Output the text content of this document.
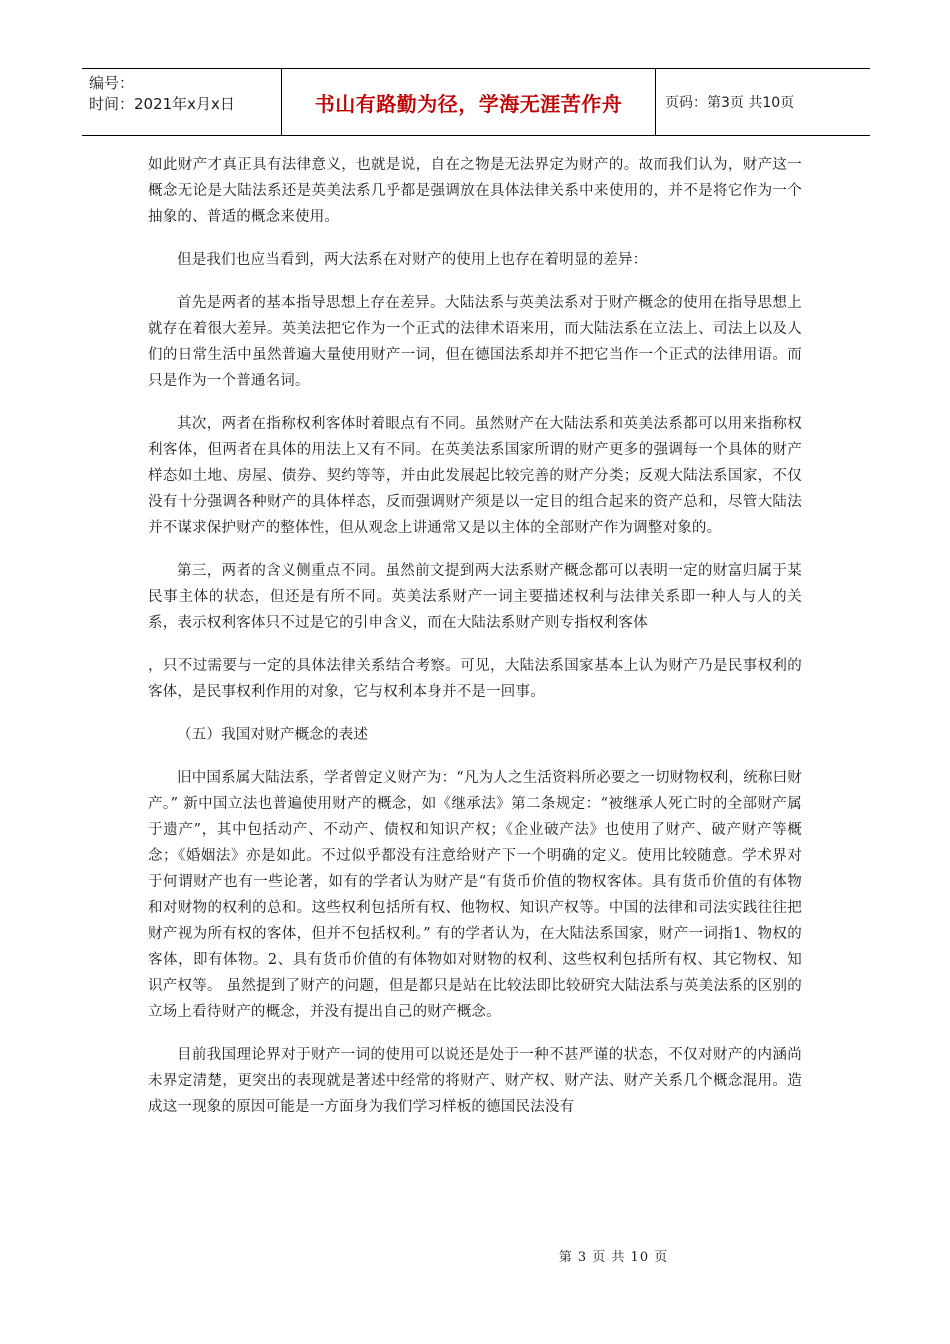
编号：
时间：2021年x月x日	书山有路勤为径，学海无涯苦作舟	页码：第3页 共10页

如此财产才真正具有法律意义，也就是说，自在之物是无法界定为财产的。故而我们认为，财产这一概念无论是大陆法系还是英美法系几乎都是强调放在具体法律关系中来使用的，并不是将它作为一个抽象的、普适的概念来使用。

但是我们也应当看到，两大法系在对财产的使用上也存在着明显的差异：

首先是两者的基本指导思想上存在差异。大陆法系与英美法系对于财产概念的使用在指导思想上就存在着很大差异。英美法把它作为一个正式的法律术语来用，而大陆法系在立法上、司法上以及人们的日常生活中虽然普遍大量使用财产一词，但在德国法系却并不把它当作一个正式的法律用语。而只是作为一个普通名词。

其次，两者在指称权利客体时着眼点有不同。虽然财产在大陆法系和英美法系都可以用来指称权利客体，但两者在具体的用法上又有不同。在英美法系国家所谓的财产更多的强调每一个具体的财产样态如土地、房屋、债券、契约等等，并由此发展起比较完善的财产分类；反观大陆法系国家，不仅没有十分强调各种财产的具体样态，反而强调财产须是以一定目的组合起来的资产总和，尽管大陆法并不谋求保护财产的整体性，但从观念上讲通常又是以主体的全部财产作为调整对象的。

第三，两者的含义侧重点不同。虽然前文提到两大法系财产概念都可以表明一定的财富归属于某民事主体的状态，但还是有所不同。英美法系财产一词主要描述权利与法律关系即一种人与人的关系，表示权利客体只不过是它的引申含义，而在大陆法系财产则专指权利客体

，只不过需要与一定的具体法律关系结合考察。可见，大陆法系国家基本上认为财产乃是民事权利的客体，是民事权利作用的对象，它与权利本身并不是一回事。

（五）我国对财产概念的表述

旧中国系属大陆法系，学者曾定义财产为：“凡为人之生活资料所必要之一切财物权利，统称曰财产。” 新中国立法也普遍使用财产的概念，如《继承法》第二条规定：“被继承人死亡时的全部财产属于遗产”，其中包括动产、不动产、债权和知识产权；《企业破产法》也使用了财产、破产财产等概念；《婚姻法》亦是如此。不过似乎都没有注意给财产下一个明确的定义。使用比较随意。学术界对于何谓财产也有一些论著，如有的学者认为财产是“有货币价值的物权客体。具有货币价值的有体物和对财物的权利的总和。这些权利包括所有权、他物权、知识产权等。中国的法律和司法实践往往把财产视为所有权的客体，但并不包括权利。” 有的学者认为，在大陆法系国家，财产一词指1、物权的客体，即有体物。2、具有货币价值的有体物如对财物的权利、这些权利包括所有权、其它物权、知识产权等。 虽然提到了财产的问题，但是都只是站在比较法即比较研究大陆法系与英美法系的区别的立场上看待财产的概念，并没有提出自己的财产概念。

目前我国理论界对于财产一词的使用可以说还是处于一种不甚严谨的状态，不仅对财产的内涵尚未界定清楚，更突出的表现就是著述中经常的将财产、财产权、财产法、财产关系几个概念混用。造成这一现象的原因可能是一方面身为我们学习样板的德国民法没有

第 3 页 共 10 页
